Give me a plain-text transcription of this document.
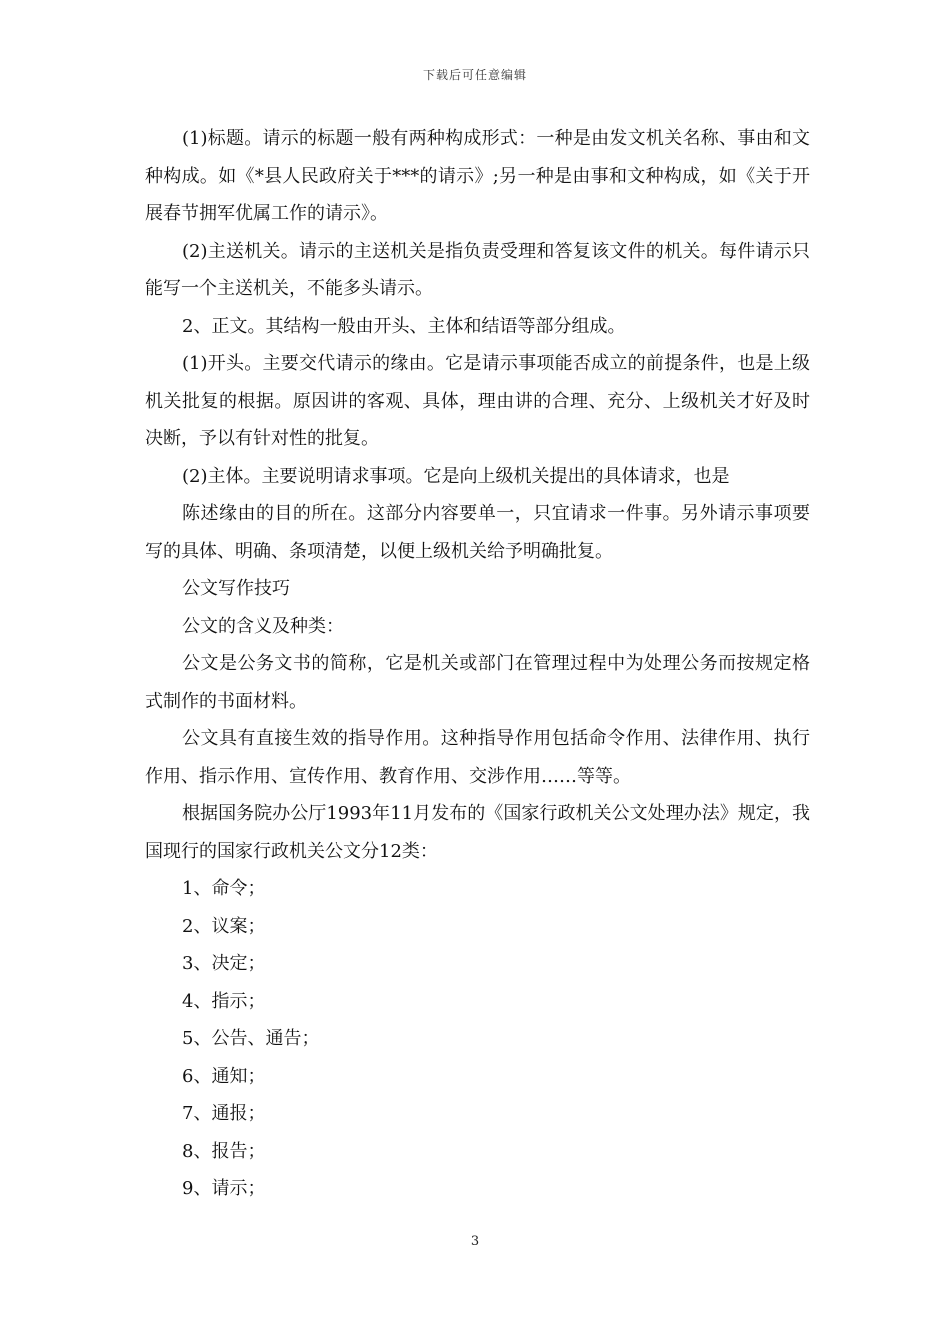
下载后可任意编辑

(1)标题。请示的标题一般有两种构成形式：一种是由发文机关名称、事由和文种构成。如《*县人民政府关于***的请示》;另一种是由事和文种构成，如《关于开展春节拥军优属工作的请示》。

(2)主送机关。请示的主送机关是指负责受理和答复该文件的机关。每件请示只能写一个主送机关，不能多头请示。

2、正文。其结构一般由开头、主体和结语等部分组成。

(1)开头。主要交代请示的缘由。它是请示事项能否成立的前提条件，也是上级机关批复的根据。原因讲的客观、具体，理由讲的合理、充分、上级机关才好及时决断，予以有针对性的批复。

(2)主体。主要说明请求事项。它是向上级机关提出的具体请求，也是

陈述缘由的目的所在。这部分内容要单一，只宜请求一件事。另外请示事项要写的具体、明确、条项清楚，以便上级机关给予明确批复。

公文写作技巧

公文的含义及种类：

公文是公务文书的简称，它是机关或部门在管理过程中为处理公务而按规定格式制作的书面材料。

公文具有直接生效的指导作用。这种指导作用包括命令作用、法律作用、执行作用、指示作用、宣传作用、教育作用、交涉作用……等等。

根据国务院办公厅1993年11月发布的《国家行政机关公文处理办法》规定，我国现行的国家行政机关公文分12类：

1、命令；

2、议案；

3、决定；

4、指示；

5、公告、通告；

6、通知；

7、通报；

8、报告；

9、请示；

3
